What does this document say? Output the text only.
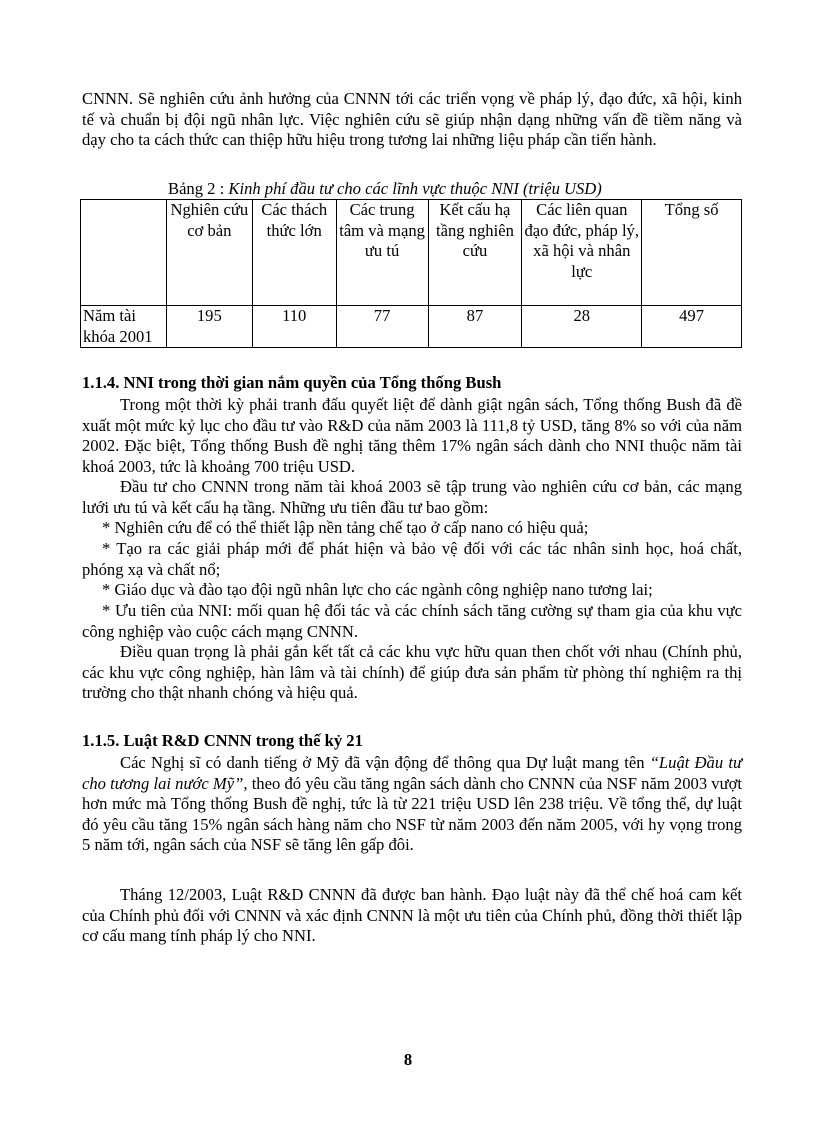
CNNN. Sẽ nghiên cứu ảnh hưởng của CNNN tới các triển vọng về pháp lý, đạo đức, xã hội, kinh tế và chuẩn bị đội ngũ nhân lực. Việc nghiên cứu sẽ giúp nhận dạng những vấn đề tiềm năng và dạy cho ta cách thức can thiệp hữu hiệu trong tương lai những liệu pháp cần tiến hành.

Bảng 2 : Kinh phí đầu tư cho các lĩnh vực thuộc NNI (triệu USD)

	Nghiên cứu cơ bản	Các thách thức lớn	Các trung tâm và mạng ưu tú	Kết cấu hạ tầng nghiên cứu	Các liên quan đạo đức, pháp lý, xã hội và nhân lực	Tổng số
Năm tài khóa 2001	195	110	77	87	28	497
1.1.4. NNI trong thời gian nắm quyền của Tổng thống Bush

Trong một thời kỳ phải tranh đấu quyết liệt để dành giật ngân sách, Tổng thống Bush đã đề xuất một mức kỷ lục cho đầu tư vào R&D của năm 2003 là 111,8 tỷ USD, tăng 8% so với của năm 2002. Đặc biệt, Tổng thống Bush đề nghị tăng thêm 17% ngân sách dành cho NNI thuộc năm tài khoá 2003, tức là khoảng 700 triệu USD.

Đầu tư cho CNNN trong năm tài khoá 2003 sẽ tập trung vào nghiên cứu cơ bản, các mạng lưới ưu tú và kết cấu hạ tầng. Những ưu tiên đầu tư bao gồm:

* Nghiên cứu để có thể thiết lập nền tảng chế tạo ở cấp nano có hiệu quả;

* Tạo ra các giải pháp mới để phát hiện và bảo vệ đối với các tác nhân sinh học, hoá chất, phóng xạ và chất nổ;

* Giáo dục và đào tạo đội ngũ nhân lực cho các ngành công nghiệp nano tương lai;

* Ưu tiên của NNI: mối quan hệ đối tác và các chính sách tăng cường sự tham gia của khu vực công nghiệp vào cuộc cách mạng CNNN.

Điều quan trọng là phải gắn kết tất cả các khu vực hữu quan then chốt với nhau (Chính phủ, các khu vực công nghiệp, hàn lâm và tài chính) để giúp đưa sản phẩm từ phòng thí nghiệm ra thị trường cho thật nhanh chóng và hiệu quả.

1.1.5. Luật R&D CNNN trong thế kỷ 21

Các Nghị sĩ có danh tiếng ở Mỹ đã vận động để thông qua Dự luật mang tên “Luật Đầu tư cho tương lai nước Mỹ”, theo đó yêu cầu tăng ngân sách dành cho CNNN của NSF năm 2003 vượt hơn mức mà Tổng thống Bush đề nghị, tức là từ 221 triệu USD lên 238 triệu. Về tổng thể, dự luật đó yêu cầu tăng 15% ngân sách hàng năm cho NSF từ năm 2003 đến năm 2005, với hy vọng trong 5 năm tới, ngân sách của NSF sẽ tăng lên gấp đôi.

Tháng 12/2003, Luật R&D CNNN đã được ban hành. Đạo luật này đã thể chế hoá cam kết của Chính phủ đối với CNNN và xác định CNNN là một ưu tiên của Chính phủ, đồng thời thiết lập cơ cấu mang tính pháp lý cho NNI.

8
